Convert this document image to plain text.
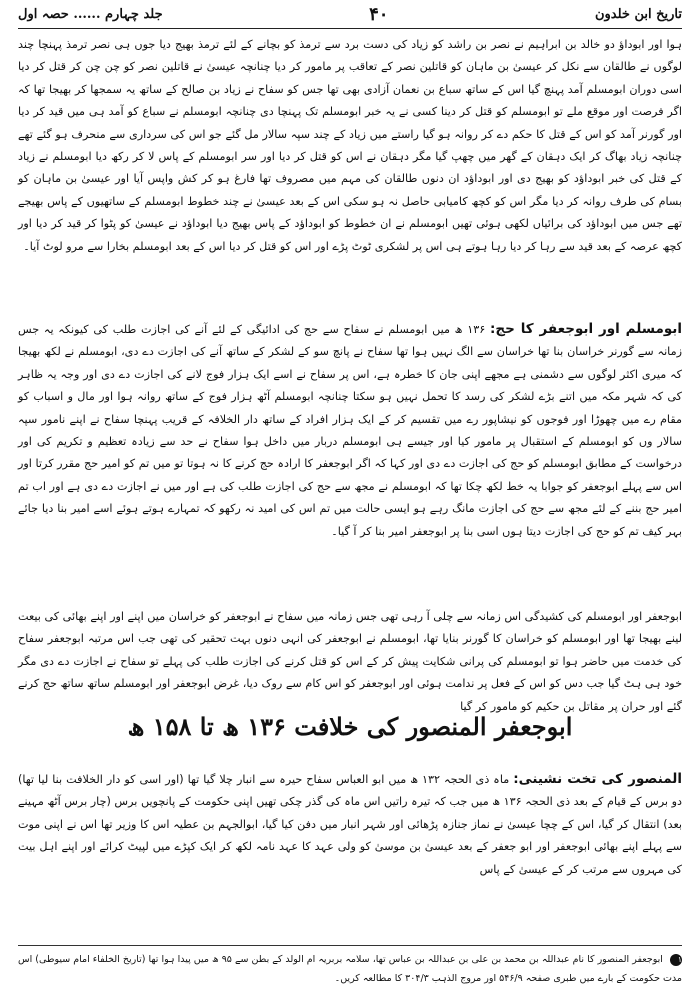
تاریخ ابن خلدون
۴۰
جلد چہارم ...... حصہ اول
ہوا اور ابوداؤ دو خالد بن ابراہیم نے نصر بن راشد کو زیاد کی دست برد سے ترمذ کو بچانے کے لئے ترمذ بھیج دیا جوں ہی نصر ترمذ پہنچا چند لوگوں نے طالقان سے نکل کر عیسیٰ بن ماہان کو قاتلین نصر کے تعاقب پر مامور کر دیا چنانچہ عیسیٰ نے قاتلین نصر کو چن چن کر قتل کر دیا اسی دوران ابومسلم آمد پہنچ گیا اس کے ساتھ سباع بن نعمان آزادی بھی تھا جس کو سفاح نے زیاد بن صالح کے ساتھ یہ سمجھا کر بھیجا تھا کہ اگر فرصت اور موقع ملے تو ابومسلم کو قتل کر دینا کسی نے یہ خبر ابومسلم تک پہنچا دی چنانچہ ابومسلم نے سباع کو آمد ہی میں قید کر دیا اور گورنر آمد کو اس کے قتل کا حکم دے کر روانہ ہو گیا راستے میں زیاد کے چند سپہ سالار مل گئے جو اس کی سرداری سے منحرف ہو گئے تھے چنانچہ زیاد بھاگ کر ایک دہقان کے گھر میں چھپ گیا مگر دہقان نے اس کو قتل کر دیا اور سر ابومسلم کے پاس لا کر رکھ دیا ابومسلم نے زیاد کے قتل کی خبر ابوداؤد کو بھیج دی اور ابوداؤد ان دنوں طالقان کی مہم میں مصروف تھا فارغ ہو کر کش واپس آیا اور عیسیٰ بن ماہان کو بسام کی طرف روانہ کر دیا مگر اس کو کچھ کامیابی حاصل نہ ہو سکی اس کے بعد عیسیٰ نے چند خطوط ابومسلم کے ساتھیوں کے پاس بھیجے تھے جس میں ابوداؤد کی برائیاں لکھی ہوئی تھیں ابومسلم نے ان خطوط کو ابوداؤد کے پاس بھیج دیا ابوداؤد نے عیسیٰ کو پٹوا کر قید کر دیا اور کچھ عرصہ کے بعد قید سے رہا کر دیا رہا ہوتے ہی اس پر لشکری ٹوٹ پڑے اور اس کو قتل کر دیا اس کے بعد ابومسلم بخارا سے مرو لوٹ آیا۔
ابومسلم اور ابوجعفر کا حج: ۱۳۶ ھ میں ابومسلم نے سفاح سے حج کی ادائیگی کے لئے آنے کی اجازت طلب کی کیونکہ یہ جس زمانہ سے گورنر خراسان بنا تھا خراسان سے الگ نہیں ہوا تھا سفاح نے پانچ سو کے لشکر کے ساتھ آنے کی اجازت دے دی، ابومسلم نے لکھ بھیجا کہ میری اکثر لوگوں سے دشمنی ہے مجھے اپنی جان کا خطرہ ہے، اس پر سفاح نے اسے ایک ہزار فوج لانے کی اجازت دے دی اور وجہ یہ ظاہر کی کہ شہر مکہ میں اتنے بڑے لشکر کی رسد کا تحمل نہیں ہو سکتا چنانچہ ابومسلم آٹھ ہزار فوج کے ساتھ روانہ ہوا اور مال و اسباب کو مقام رے میں چھوڑا اور فوجوں کو نیشاپور رے میں تقسیم کر کے ایک ہزار افراد کے ساتھ دار الخلافہ کے قریب پہنچا سفاح نے اپنے نامور سپہ سالار وں کو ابومسلم کے استقبال پر مامور کیا اور جیسے ہی ابومسلم دربار میں داخل ہوا سفاح نے حد سے زیادہ تعظیم و تکریم کی اور درخواست کے مطابق ابومسلم کو حج کی اجازت دے دی اور کہا کہ اگر ابوجعفر کا ارادہ حج کرنے کا نہ ہوتا تو میں تم کو امیر حج مقرر کرتا اور اس سے پہلے ابوجعفر کو جوابا یہ خط لکھ چکا تھا کہ ابومسلم نے مجھ سے حج کی اجازت طلب کی ہے اور میں نے اجازت دے دی ہے اور اب تم امیر حج بننے کے لئے مجھ سے حج کی اجازت مانگ رہے ہو ایسی حالت میں تم اس کی امید نہ رکھو کہ تمہارے ہوتے ہوئے اسے امیر بنا دیا جائے بہر کیف تم کو حج کی اجازت دیتا ہوں اسی بنا پر ابوجعفر امیر بنا کر آ گیا۔
ابوجعفر اور ابومسلم کی کشیدگی اس زمانہ سے چلی آ رہی تھی جس زمانہ میں سفاح نے ابوجعفر کو خراسان میں اپنے اور اپنے بھائی کی بیعت لینے بھیجا تھا اور ابومسلم کو خراسان کا گورنر بنایا تھا، ابومسلم نے ابوجعفر کی انہی دنوں بہت تحقیر کی تھی جب اس مرتبہ ابوجعفر سفاح کی خدمت میں حاضر ہوا تو ابومسلم کی پرانی شکایت پیش کر کے اس کو قتل کرنے کی اجازت طلب کی پہلے تو سفاح نے اجازت دے دی مگر خود ہی ہٹ گیا جب دس کو اس کے فعل پر ندامت ہوئی اور ابوجعفر کو اس کام سے روک دیا، غرض ابوجعفر اور ابومسلم ساتھ ساتھ حج کرنے گئے اور حران پر مقاتل بن حکیم کو مامور کر گیا
ابوجعفر المنصور کی خلافت ۱۳۶ ھ تا ۱۵۸ ھ
المنصور کی تخت نشینی: ماہ ذی الحجہ ۱۳۲ ھ میں ابو العباس سفاح حیرہ سے انبار چلا گیا تھا (اور اسی کو دار الخلافت بنا لیا تھا) دو برس کے قیام کے بعد ذی الحجہ ۱۳۶ ھ میں جب کہ تیرہ راتیں اس ماہ کی گذر چکی تھیں اپنی حکومت کے پانچویں برس (چار برس آٹھ مہینے بعد) انتقال کر گیا، اس کے چچا عیسیٰ نے نماز جنازہ پڑھائی اور شہر انبار میں دفن کیا گیا، ابوالجہم بن عطیہ اس کا وزیر تھا اس نے اپنی موت سے پہلے اپنے بھائی ابوجعفر اور ابو جعفر کے بعد عیسیٰ بن موسیٰ کو ولی عہد کا عہد نامہ لکھ کر ایک کپڑے میں لپیٹ کرائے اور اپنے اہل بیت کی مہروں سے مرتب کر کے عیسیٰ کے پاس
۱ ابوجعفر المنصور کا نام عبداللہ بن محمد بن علی بن عبداللہ بن عباس تھا، سلامہ بربریہ ام الولد کے بطن سے ۹۵ ھ میں پیدا ہوا تھا (تاریخ الخلفاء امام سیوطی) اس مدت حکومت کے بارے میں طبری صفحہ ۵۴۶/۹ اور مروج الذہب ۳۰۴/۳ کا مطالعہ کریں۔
